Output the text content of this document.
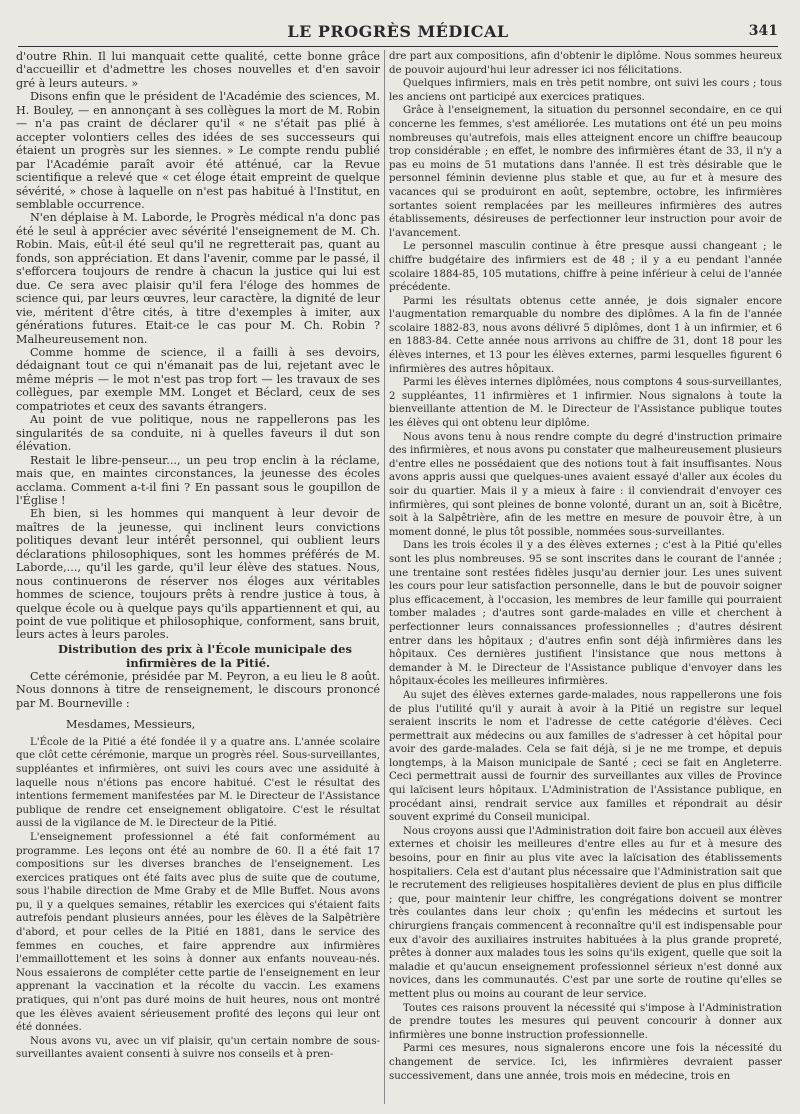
LE PROGRÈS MÉDICAL	341

d'outre Rhin. Il lui manquait cette qualité, cette bonne grâce d'accueillir et d'admettre les choses nouvelles et d'en savoir gré à leurs auteurs. »

Disons enfin que le président de l'Académie des sciences, M. H. Bouley, — en annonçant à ses collègues la mort de M. Robin — n'a pas craint de déclarer qu'il « ne s'était pas plié à accepter volontiers celles des idées de ses successeurs qui étaient un progrès sur les siennes. » Le compte rendu publié par l'Académie paraît avoir été atténué, car la Revue scientifique a relevé que « cet éloge était empreint de quelque sévérité, » chose à laquelle on n'est pas habitué à l'Institut, en semblable occurrence.

N'en déplaise à M. Laborde, le Progrès médical n'a donc pas été le seul à apprécier avec sévérité l'enseignement de M. Ch. Robin. Mais, eût-il été seul qu'il ne regretterait pas, quant au fonds, son appréciation. Et dans l'avenir, comme par le passé, il s'efforcera toujours de rendre à chacun la justice qui lui est due. Ce sera avec plaisir qu'il fera l'éloge des hommes de science qui, par leurs œuvres, leur caractère, la dignité de leur vie, méritent d'être cités, à titre d'exemples à imiter, aux générations futures. Etait-ce le cas pour M. Ch. Robin ? Malheureusement non.

Comme homme de science, il a failli à ses devoirs, dédaignant tout ce qui n'émanait pas de lui, rejetant avec le même mépris — le mot n'est pas trop fort — les travaux de ses collègues, par exemple MM. Longet et Béclard, ceux de ses compatriotes et ceux des savants étrangers.

Au point de vue politique, nous ne rappellerons pas les singularités de sa conduite, ni à quelles faveurs il dut son élévation.

Restait le libre-penseur..., un peu trop enclin à la réclame, mais que, en maintes circonstances, la jeunesse des écoles acclama. Comment a-t-il fini ? En passant sous le goupillon de l'Église !

Eh bien, si les hommes qui manquent à leur devoir de maîtres de la jeunesse, qui inclinent leurs convictions politiques devant leur intérêt personnel, qui oublient leurs déclarations philosophiques, sont les hommes préférés de M. Laborde,..., qu'il les garde, qu'il leur élève des statues. Nous, nous continuerons de réserver nos éloges aux véritables hommes de science, toujours prêts à rendre justice à tous, à quelque école ou à quelque pays qu'ils appartiennent et qui, au point de vue politique et philosophique, conforment, sans bruit, leurs actes à leurs paroles.

Distribution des prix à l'École municipale des infirmières de la Pitié.

Cette cérémonie, présidée par M. Peyron, a eu lieu le 8 août. Nous donnons à titre de renseignement, le discours prononcé par M. Bourneville :

Mesdames, Messieurs,

L'École de la Pitié a été fondée il y a quatre ans. L'année scolaire que clôt cette cérémonie, marque un progrès réel. Sous-surveillantes, suppléantes et infirmières, ont suivi les cours avec une assiduité à laquelle nous n'étions pas encore habitué. C'est le résultat des intentions fermement manifestées par M. le Directeur de l'Assistance publique de rendre cet enseignement obligatoire. C'est le résultat aussi de la vigilance de M. le Directeur de la Pitié.

L'enseignement professionnel a été fait conformément au programme. Les leçons ont été au nombre de 60. Il a été fait 17 compositions sur les diverses branches de l'enseignement. Les exercices pratiques ont été faits avec plus de suite que de coutume, sous l'habile direction de Mme Graby et de Mlle Buffet. Nous avons pu, il y a quelques semaines, rétablir les exercices qui s'étaient faits autrefois pendant plusieurs années, pour les élèves de la Salpêtrière d'abord, et pour celles de la Pitié en 1881, dans le service des femmes en couches, et faire apprendre aux infirmières l'emmaillottement et les soins à donner aux enfants nouveau-nés. Nous essaierons de compléter cette partie de l'enseignement en leur apprenant la vaccination et la récolte du vaccin. Les examens pratiques, qui n'ont pas duré moins de huit heures, nous ont montré que les élèves avaient sérieusement profité des leçons qui leur ont été données.

Nous avons vu, avec un vif plaisir, qu'un certain nombre de sous-surveillantes avaient consenti à suivre nos conseils et à pren-

dre part aux compositions, afin d'obtenir le diplôme. Nous sommes heureux de pouvoir aujourd'hui leur adresser ici nos félicitations.

Quelques infirmiers, mais en très petit nombre, ont suivi les cours ; tous les anciens ont participé aux exercices pratiques.

Grâce à l'enseignement, la situation du personnel secondaire, en ce qui concerne les femmes, s'est améliorée. Les mutations ont été un peu moins nombreuses qu'autrefois, mais elles atteignent encore un chiffre beaucoup trop considérable ; en effet, le nombre des infirmières étant de 33, il n'y a pas eu moins de 51 mutations dans l'année. Il est très désirable que le personnel féminin devienne plus stable et que, au fur et à mesure des vacances qui se produiront en août, septembre, octobre, les infirmières sortantes soient remplacées par les meilleures infirmières des autres établissements, désireuses de perfectionner leur instruction pour avoir de l'avancement.

Le personnel masculin continue à être presque aussi changeant ; le chiffre budgétaire des infirmiers est de 48 ; il y a eu pendant l'année scolaire 1884-85, 105 mutations, chiffre à peine inférieur à celui de l'année précédente.

Parmi les résultats obtenus cette année, je dois signaler encore l'augmentation remarquable du nombre des diplômes. A la fin de l'année scolaire 1882-83, nous avons délivré 5 diplômes, dont 1 à un infirmier, et 6 en 1883-84. Cette année nous arrivons au chiffre de 31, dont 18 pour les élèves internes, et 13 pour les élèves externes, parmi lesquelles figurent 6 infirmières des autres hôpitaux.

Parmi les élèves internes diplômées, nous comptons 4 sous-surveillantes, 2 suppléantes, 11 infirmières et 1 infirmier. Nous signalons à toute la bienveillante attention de M. le Directeur de l'Assistance publique toutes les élèves qui ont obtenu leur diplôme.

Nous avons tenu à nous rendre compte du degré d'instruction primaire des infirmières, et nous avons pu constater que malheureusement plusieurs d'entre elles ne possédaient que des notions tout à fait insuffisantes. Nous avons appris aussi que quelques-unes avaient essayé d'aller aux écoles du soir du quartier. Mais il y a mieux à faire : il conviendrait d'envoyer ces infirmières, qui sont pleines de bonne volonté, durant un an, soit à Bicêtre, soit à la Salpêtrière, afin de les mettre en mesure de pouvoir être, à un moment donné, le plus tôt possible, nommées sous-surveillantes.

Dans les trois écoles il y a des élèves externes ; c'est à la Pitié qu'elles sont les plus nombreuses. 95 se sont inscrites dans le courant de l'année ; une trentaine sont restées fidèles jusqu'au dernier jour. Les unes suivent les cours pour leur satisfaction personnelle, dans le but de pouvoir soigner plus efficacement, à l'occasion, les membres de leur famille qui pourraient tomber malades ; d'autres sont garde-malades en ville et cherchent à perfectionner leurs connaissances professionnelles ; d'autres désirent entrer dans les hôpitaux ; d'autres enfin sont déjà infirmières dans les hôpitaux. Ces dernières justifient l'insistance que nous mettons à demander à M. le Directeur de l'Assistance publique d'envoyer dans les hôpitaux-écoles les meilleures infirmières.

Au sujet des élèves externes garde-malades, nous rappellerons une fois de plus l'utilité qu'il y aurait à avoir à la Pitié un registre sur lequel seraient inscrits le nom et l'adresse de cette catégorie d'élèves. Ceci permettrait aux médecins ou aux familles de s'adresser à cet hôpital pour avoir des garde-malades. Cela se fait déjà, si je ne me trompe, et depuis longtemps, à la Maison municipale de Santé ; ceci se fait en Angleterre. Ceci permettrait aussi de fournir des surveillantes aux villes de Province qui laïcisent leurs hôpitaux. L'Administration de l'Assistance publique, en procédant ainsi, rendrait service aux familles et répondrait au désir souvent exprimé du Conseil municipal.

Nous croyons aussi que l'Administration doit faire bon accueil aux élèves externes et choisir les meilleures d'entre elles au fur et à mesure des besoins, pour en finir au plus vite avec la laïcisation des établissements hospitaliers. Cela est d'autant plus nécessaire que l'Administration sait que le recrutement des religieuses hospitalières devient de plus en plus difficile ; que, pour maintenir leur chiffre, les congrégations doivent se montrer très coulantes dans leur choix ; qu'enfin les médecins et surtout les chirurgiens français commencent à reconnaître qu'il est indispensable pour eux d'avoir des auxiliaires instruites habituées à la plus grande propreté, prêtes à donner aux malades tous les soins qu'ils exigent, quelle que soit la maladie et qu'aucun enseignement professionnel sérieux n'est donné aux novices, dans les communautés. C'est par une sorte de routine qu'elles se mettent plus ou moins au courant de leur service.

Toutes ces raisons prouvent la nécessité qui s'impose à l'Administration de prendre toutes les mesures qui peuvent concourir à donner aux infirmières une bonne instruction professionnelle.

Parmi ces mesures, nous signalerons encore une fois la nécessité du changement de service. Ici, les infirmières devraient passer successivement, dans une année, trois mois en médecine, trois en
